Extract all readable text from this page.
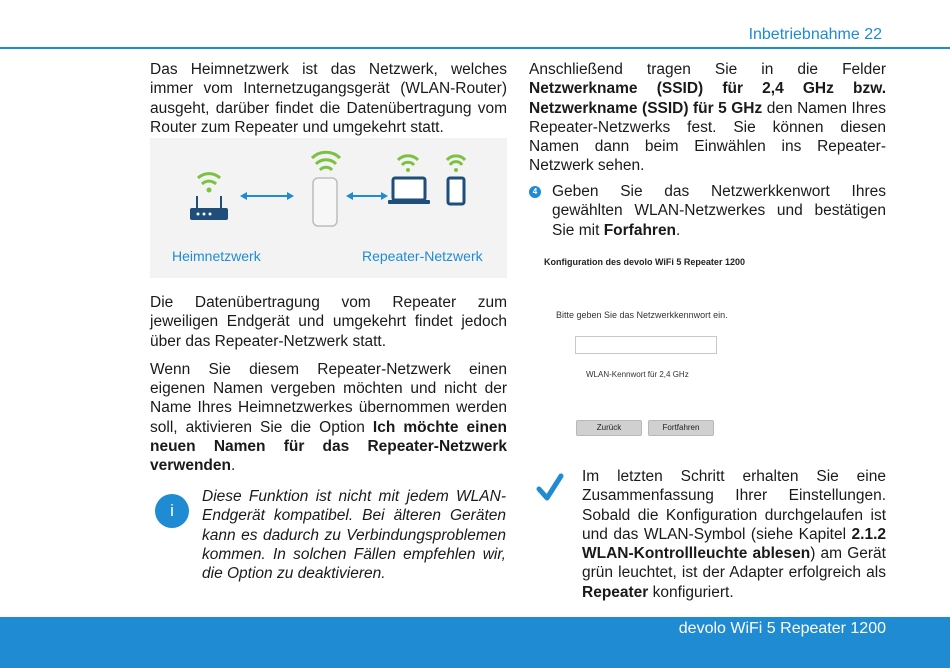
Inbetriebnahme 22

Das Heimnetzwerk ist das Netzwerk, welches immer vom Internetzugangsgerät (WLAN-Router) ausgeht, darüber findet die Datenübertragung vom Router zum Repeater und umgekehrt statt.

Heimnetzwerk	Repeater-Netzwerk

Die Datenübertragung vom Repeater zum jeweiligen Endgerät und umgekehrt findet jedoch über das Repeater-Netzwerk statt.

Wenn Sie diesem Repeater-Netzwerk einen eigenen Namen vergeben möchten und nicht der Name Ihres Heimnetzwerkes übernommen werden soll, aktivieren Sie die Option Ich möchte einen neuen Namen für das Repeater-Netzwerk verwenden.

i
Diese Funktion ist nicht mit jedem WLAN-Endgerät kompatibel. Bei älteren Geräten kann es dadurch zu Verbindungsproblemen kommen. In solchen Fällen empfehlen wir, die Option zu deaktivieren.

Anschließend tragen Sie in die Felder Netzwerkname (SSID) für 2,4 GHz bzw. Netzwerkname (SSID) für 5 GHz den Namen Ihres Repeater-Netzwerks fest. Sie können diesen Namen dann beim Einwählen ins Repeater-Netzwerk sehen.

4 Geben Sie das Netzwerkkenwort Ihres gewählten WLAN-Netzwerkes und bestätigen Sie mit Forfahren.
Konfiguration des devolo WiFi 5 Repeater 1200
Bitte geben Sie das Netzwerkkennwort ein.
WLAN-Kennwort für 2,4 GHz
Zurück	Fortfahren
Im letzten Schritt erhalten Sie eine Zusammenfassung Ihrer Einstellungen. Sobald die Konfiguration durchgelaufen ist und das WLAN-Symbol (siehe Kapitel 2.1.2 WLAN-Kontrollleuchte ablesen) am Gerät grün leuchtet, ist der Adapter erfolgreich als Repeater konfiguriert.
devolo WiFi 5 Repeater 1200
